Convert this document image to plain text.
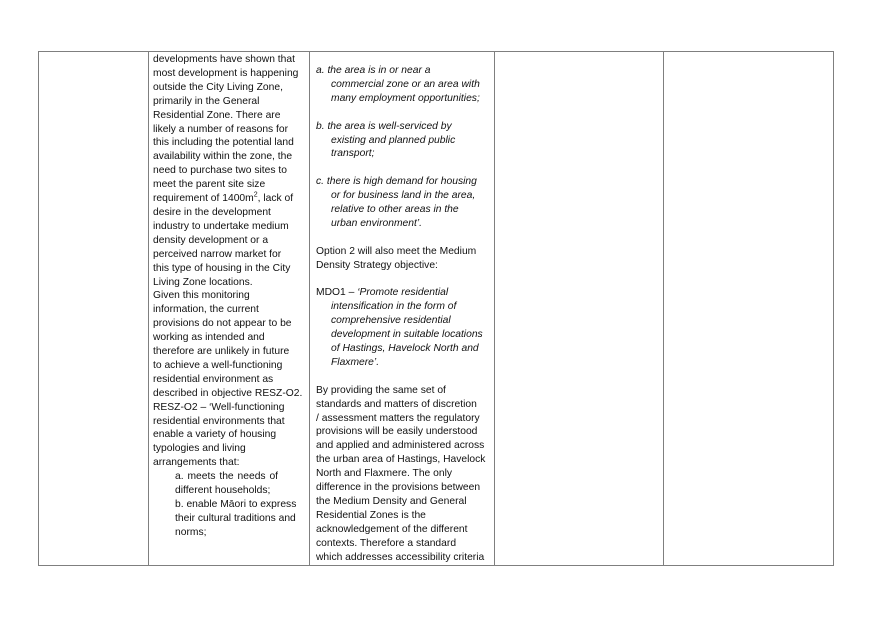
developments have shown that
most development is happening
outside the City Living Zone,
primarily in the General
Residential Zone. There are
likely a number of reasons for
this including the potential land
availability within the zone, the
need to purchase two sites to
meet the parent site size
requirement of $1400m^2$, lack of
desire in the development
industry to undertake medium
density development or a
perceived narrow market for
this type of housing in the City
Living Zone locations.
Given this monitoring
information, the current
provisions do not appear to be
working as intended and
therefore are unlikely in future
to achieve a well-functioning
residential environment as
described in objective RESZ-O2.
RESZ-O2 – ‘Well-functioning
residential environments that
enable a variety of housing
typologies and living
arrangements that:
a. meets the needs of
different households;
b. enable Māori to express
their cultural traditions and
norms;

a. the area is in or near a
commercial zone or an area with
many employment opportunities;
b. the area is well-serviced by
existing and planned public
transport;
c. there is high demand for housing
or for business land in the area,
relative to other areas in the
urban environment’.
Option 2 will also meet the Medium
Density Strategy objective:
MDO1 – ‘Promote residential
intensification in the form of
comprehensive residential
development in suitable locations
of Hastings, Havelock North and
Flaxmere’.
By providing the same set of
standards and matters of discretion
/ assessment matters the regulatory
provisions will be easily understood
and applied and administered across
the urban area of Hastings, Havelock
North and Flaxmere. The only
difference in the provisions between
the Medium Density and General
Residential Zones is the
acknowledgement of the different
contexts. Therefore a standard
which addresses accessibility criteria
